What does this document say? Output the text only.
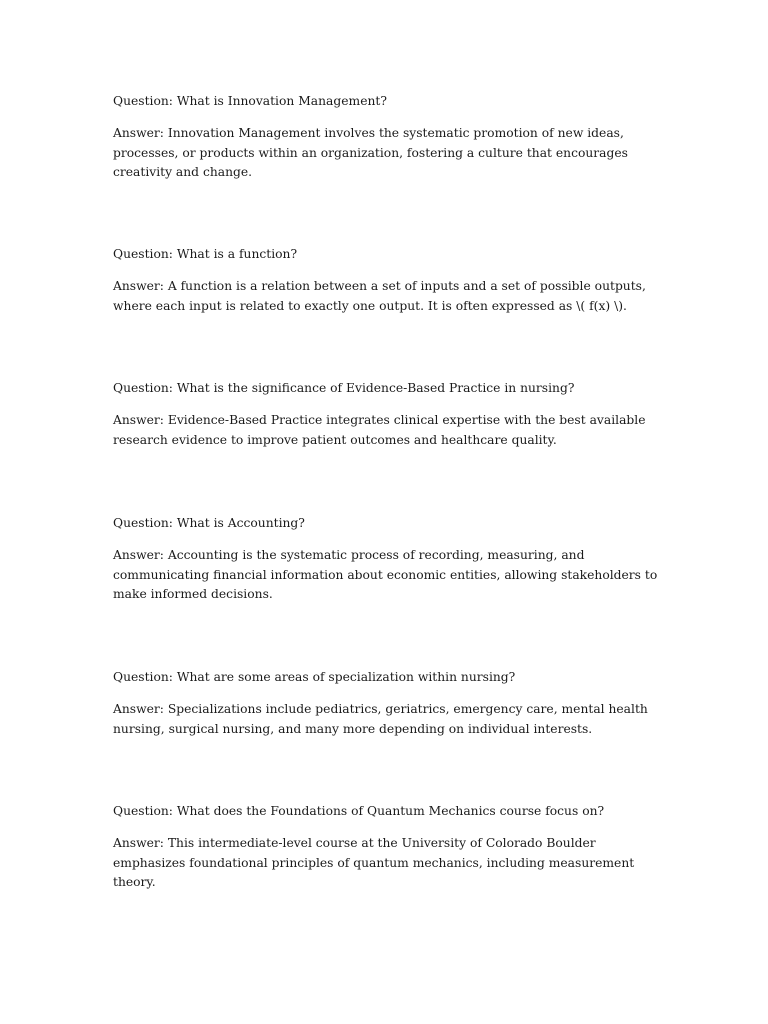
Question: What is Innovation Management?

Answer: Innovation Management involves the systematic promotion of new ideas, processes, or products within an organization, fostering a culture that encourages creativity and change.

Question: What is a function?

Answer: A function is a relation between a set of inputs and a set of possible outputs, where each input is related to exactly one output. It is often expressed as \( f(x) \).

Question: What is the significance of Evidence-Based Practice in nursing?

Answer: Evidence-Based Practice integrates clinical expertise with the best available research evidence to improve patient outcomes and healthcare quality.

Question: What is Accounting?

Answer: Accounting is the systematic process of recording, measuring, and communicating financial information about economic entities, allowing stakeholders to make informed decisions.

Question: What are some areas of specialization within nursing?

Answer: Specializations include pediatrics, geriatrics, emergency care, mental health nursing, surgical nursing, and many more depending on individual interests.

Question: What does the Foundations of Quantum Mechanics course focus on?

Answer: This intermediate-level course at the University of Colorado Boulder emphasizes foundational principles of quantum mechanics, including measurement theory.
